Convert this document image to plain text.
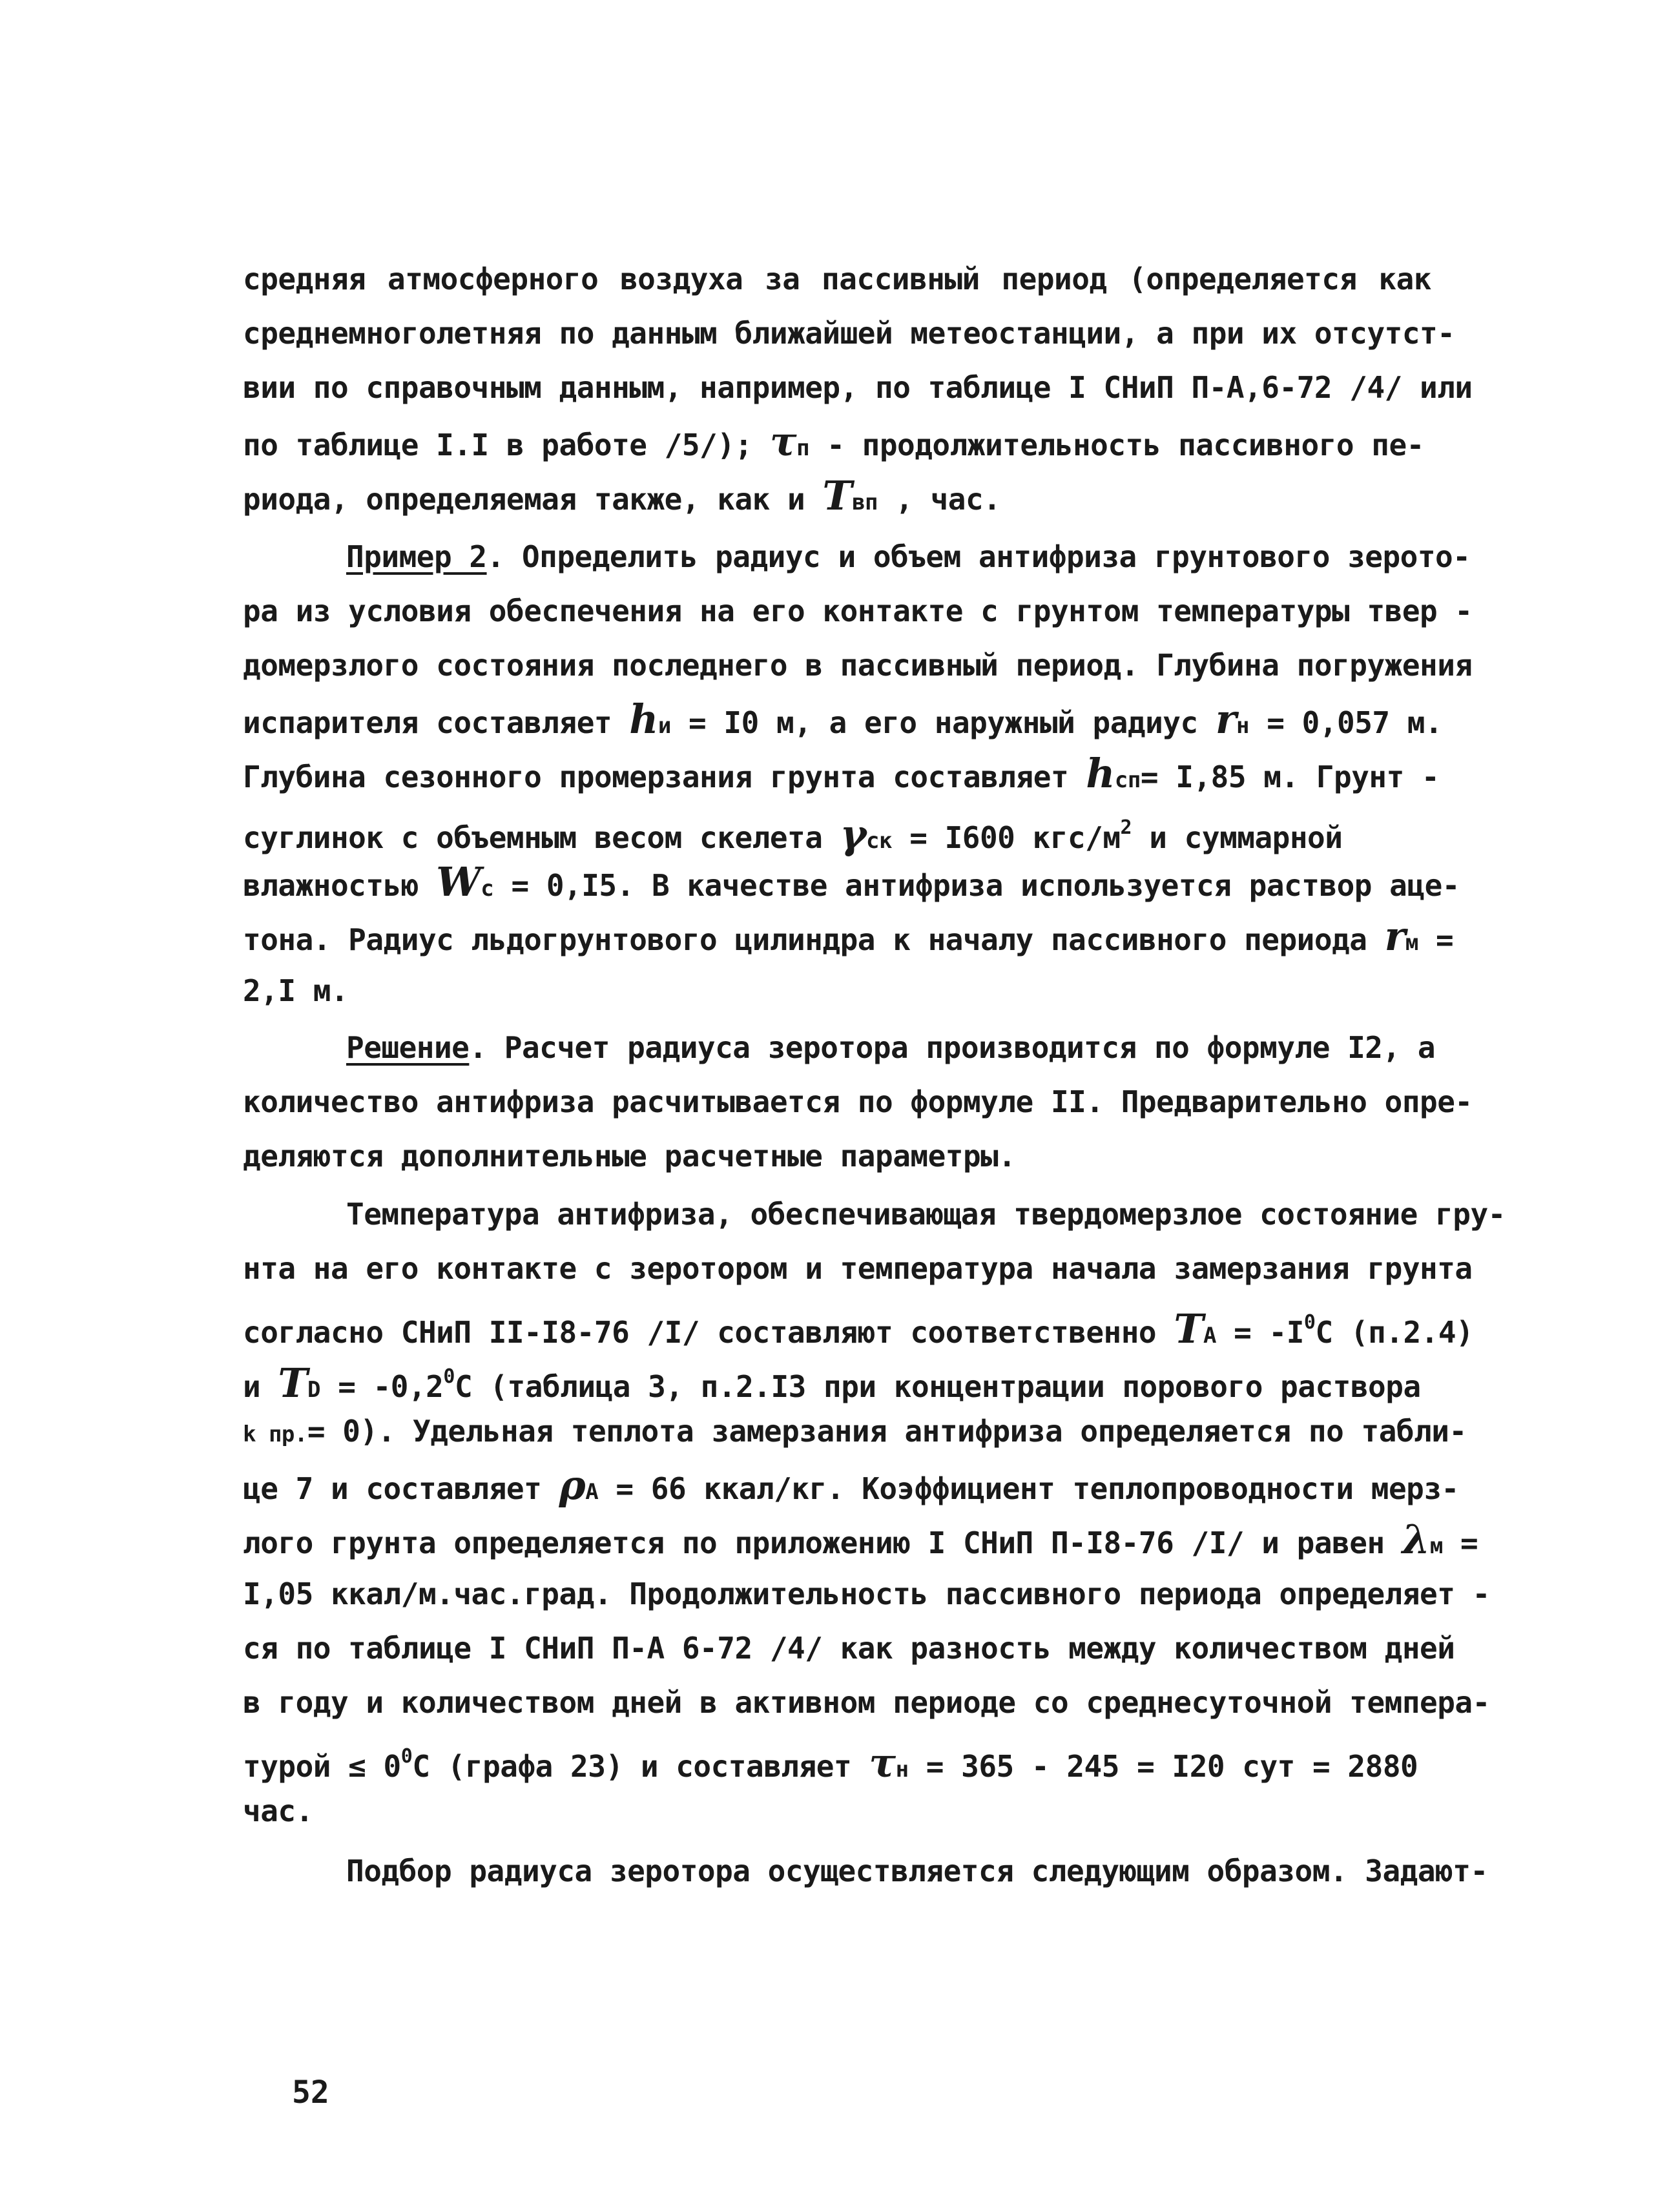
средняя атмосферного воздуха за пассивный период (определяется как
среднемноголетняя по данным ближайшей метеостанции, а при их отсутст-
вии по справочным данным, например, по таблице I СНиП П-А,6-72 /4/ или
по таблице I.I в работе /5/); τп - продолжительность пассивного пе-
риода, определяемая также, как и Tвп , час.
Пример 2. Определить радиус и объем антифриза грунтового зерото-
ра из условия обеспечения на его контакте с грунтом температуры твер -
домерзлого состояния последнего в пассивный период. Глубина погружения
испарителя составляет hи = I0 м, а его наружный радиус rн = 0,057 м.
Глубина сезонного промерзания грунта составляет hсп= I,85 м. Грунт -
суглинок с объемным весом скелета γск = I600 кгс/$м^2$ и суммарной
влажностью Wс = 0,I5. В качестве антифриза используется раствор аце-
тона. Радиус льдогрунтового цилиндра к началу пассивного периода rм =
2,I м.
Решение. Расчет радиуса зеротора производится по формуле I2, а
количество антифриза расчитывается по формуле II. Предварительно опре-
деляются дополнительные расчетные параметры.
Температура антифриза, обеспечивающая твердомерзлое состояние гру-
нта на его контакте с зеротором и температура начала замерзания грунта
согласно СНиП II-I8-76 /I/ составляют соответственно TА = $-I^0С$ (п.2.4)
и TD = $-0,2^0С$ (таблица 3, п.2.I3 при концентрации порового раствора
k пр.= 0). Удельная теплота замерзания антифриза определяется по табли-
це 7 и составляет ρА = 66 ккал/кг. Коэффициент теплопроводности мерз-
лого грунта определяется по приложению I СНиП П-I8-76 /I/ и равен λм =
I,05 ккал/м.час.град. Продолжительность пассивного периода определяет -
ся по таблице I СНиП П-А 6-72 /4/ как разность между количеством дней
в году и количеством дней в активном периоде со среднесуточной темпера-
турой ≤ $0^0С$ (графа 23) и составляет τн = 365 - 245 = I20 сут = 2880
час.
Подбор радиуса зеротора осуществляется следующим образом. Задают-
52
